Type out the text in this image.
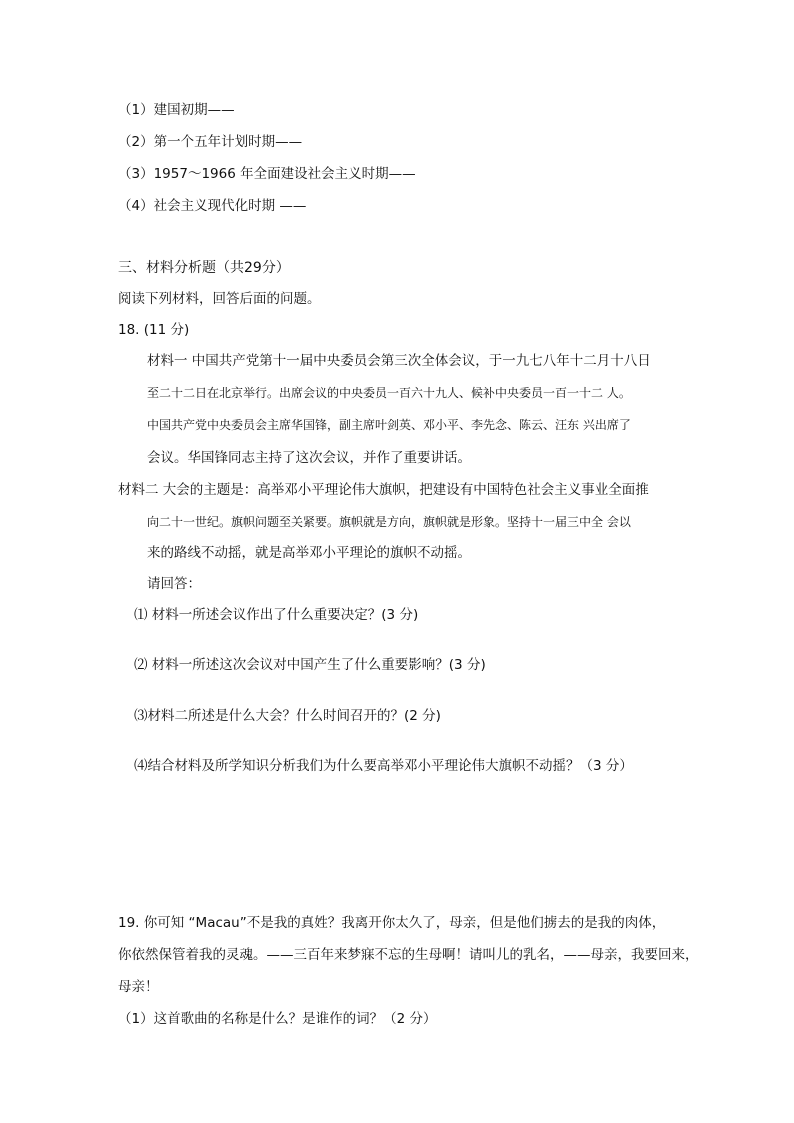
（1）建国初期——
（2）第一个五年计划时期——
（3）1957～1966 年全面建设社会主义时期——
（4）社会主义现代化时期 ——
三、材料分析题（共29分）
阅读下列材料，回答后面的问题。
18. (11 分)
材料一 中国共产党第十一届中央委员会第三次全体会议，于一九七八年十二月十八日
至二十二日在北京举行。出席会议的中央委员一百六十九人、候补中央委员一百一十二 人。
中国共产党中央委员会主席华国锋，副主席叶剑英、邓小平、李先念、陈云、汪东 兴出席了
会议。华国锋同志主持了这次会议，并作了重要讲话。
材料二 大会的主题是：高举邓小平理论伟大旗帜，把建设有中国特色社会主义事业全面推
向二十一世纪。旗帜问题至关紧要。旗帜就是方向，旗帜就是形象。坚持十一届三中全 会以
来的路线不动摇，就是高举邓小平理论的旗帜不动摇。
请回答：
⑴ 材料一所述会议作出了什么重要决定？(3 分)
⑵ 材料一所述这次会议对中国产生了什么重要影响？(3 分)
⑶材料二所述是什么大会？什么时间召开的？(2 分)
⑷结合材料及所学知识分析我们为什么要高举邓小平理论伟大旗帜不动摇？（3 分）
19. 你可知 “Macau”不是我的真姓？我离开你太久了，母亲，但是他们掳去的是我的肉体，
你依然保管着我的灵魂。——三百年来梦寐不忘的生母啊！请叫儿的乳名，——母亲，我要回来，
母亲！
（1）这首歌曲的名称是什么？是谁作的词？（2 分）
